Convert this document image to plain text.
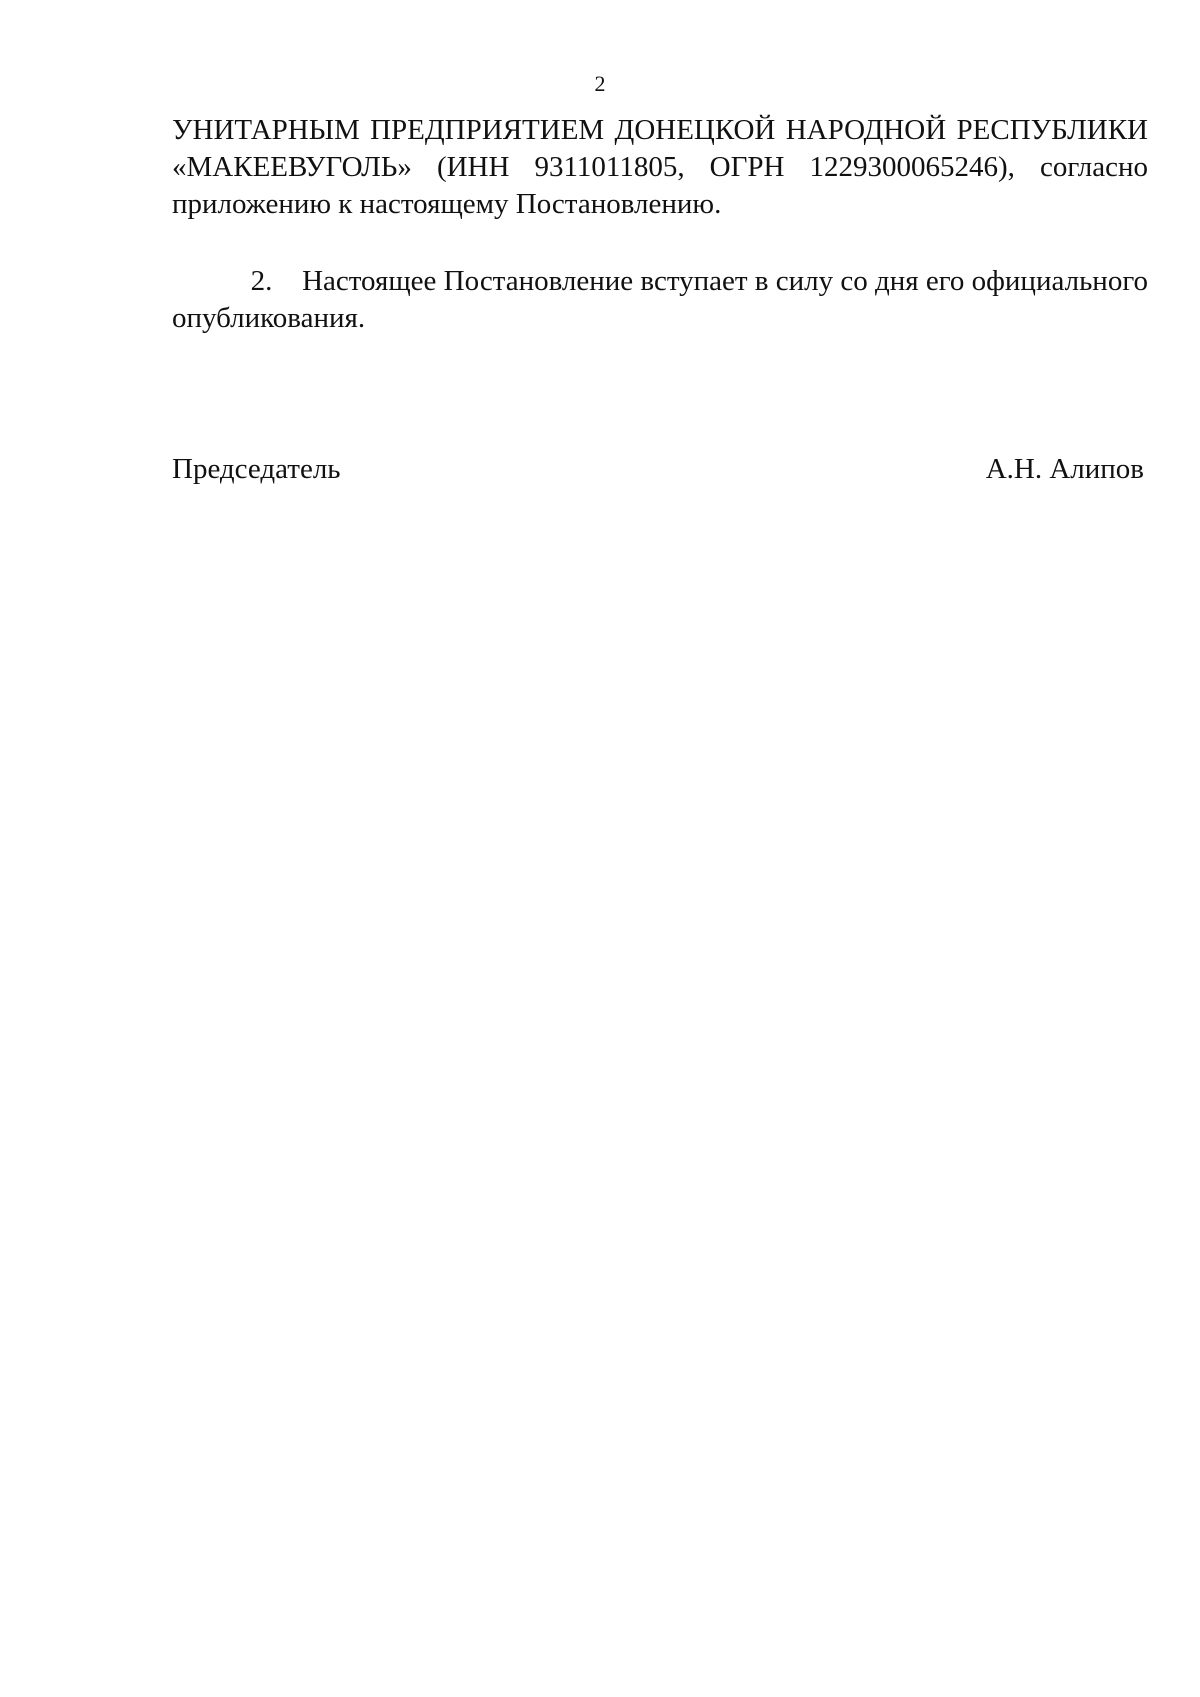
2
УНИТАРНЫМ ПРЕДПРИЯТИЕМ ДОНЕЦКОЙ НАРОДНОЙ РЕСПУБЛИКИ
«МАКЕЕВУГОЛЬ» (ИНН 9311011805, ОГРН 1229300065246), согласно
приложению к настоящему Постановлению.
2.	Настоящее Постановление вступает в силу со дня его официального
опубликования.
Председатель	А.Н. Алипов
